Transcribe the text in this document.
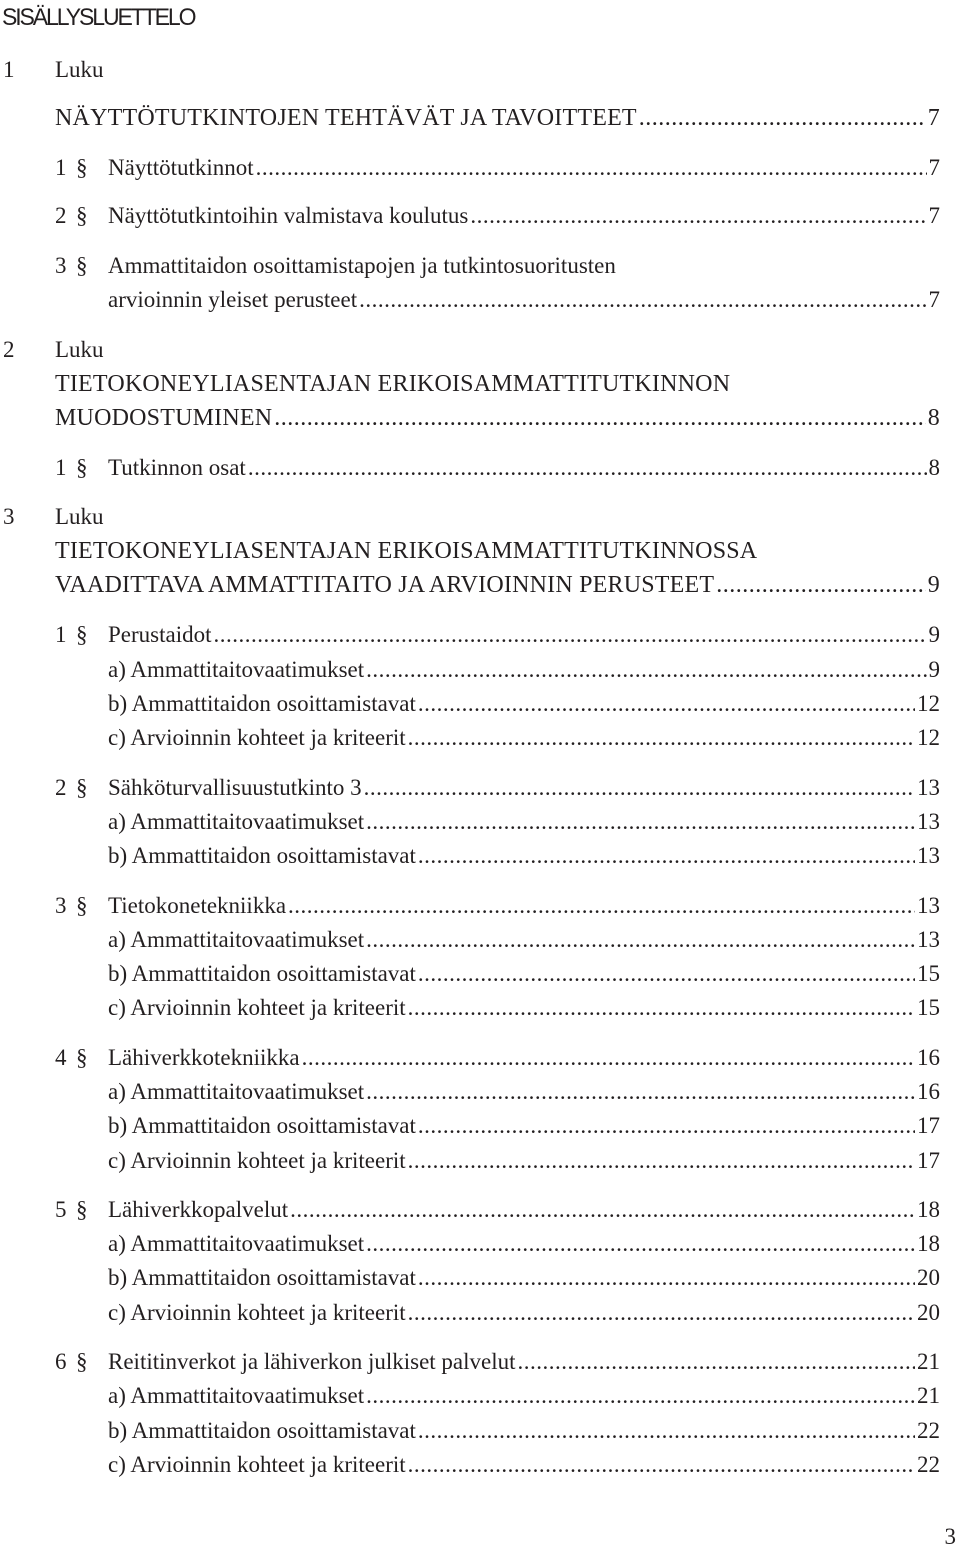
SISÄLLYSLUETTELO
1 Luku
NÄYTTÖTUTKINTOJEN TEHTÄVÄT JA TAVOITTEET .....	7
1 § Näyttötutkinnot .....	7
2 § Näyttötutkintoihin valmistava koulutus .....	7
3 § Ammattitaidon osoittamistapojen ja tutkintosuoritusten
arvioinnin yleiset perusteet .....	7
2 Luku
TIETOKONEYLIASENTAJAN ERIKOISAMMATTITUTKINNON
MUODOSTUMINEN .....	8
1 § Tutkinnon osat .....	8
3 Luku
TIETOKONEYLIASENTAJAN ERIKOISAMMATTITUTKINNOSSA
VAADITTAVA AMMATTITAITO JA ARVIOINNIN PERUSTEET .....	9
1 § Perustaidot .....	9
a) Ammattitaitovaatimukset .....	9
b) Ammattitaidon osoittamistavat .....	12
c) Arvioinnin kohteet ja kriteerit .....	12
2 § Sähköturvallisuustutkinto 3 .....	13
a) Ammattitaitovaatimukset .....	13
b) Ammattitaidon osoittamistavat .....	13
3 § Tietokonetekniikka .....	13
a) Ammattitaitovaatimukset .....	13
b) Ammattitaidon osoittamistavat .....	15
c) Arvioinnin kohteet ja kriteerit .....	15
4 § Lähiverkkotekniikka .....	16
a) Ammattitaitovaatimukset .....	16
b) Ammattitaidon osoittamistavat .....	17
c) Arvioinnin kohteet ja kriteerit .....	17
5 § Lähiverkkopalvelut .....	18
a) Ammattitaitovaatimukset .....	18
b) Ammattitaidon osoittamistavat .....	20
c) Arvioinnin kohteet ja kriteerit .....	20
6 § Reititinverkot ja lähiverkon julkiset palvelut .....	21
a) Ammattitaitovaatimukset .....	21
b) Ammattitaidon osoittamistavat .....	22
c) Arvioinnin kohteet ja kriteerit .....	22
3
